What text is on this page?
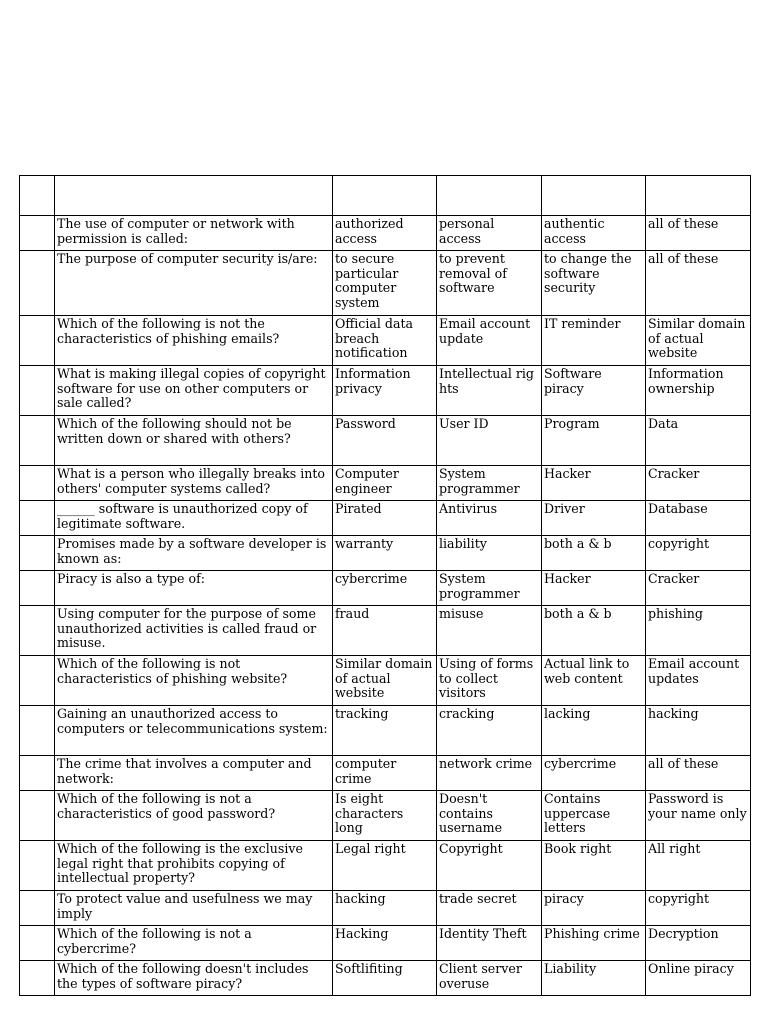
	The use of computer or network with permission is called:	authorized access	personal access	authentic access	all of these
	The purpose of computer security is/are:	to secure particular computer system	to prevent removal of software	to change the software security	all of these
	Which of the following is not the characteristics of phishing emails?	Official data breach notification	Email account update	IT reminder	Similar domain of actual website
	What is making illegal copies of copyright software for use on other computers or sale called?	Information privacy	Intellectual rig hts	Software piracy	Information ownership
	Which of the following should not be written down or shared with others?	Password	User ID	Program	Data
	What is a person who illegally breaks into others' computer systems called?	Computer engineer	System programmer	Hacker	Cracker
	______ software is unauthorized copy of legitimate software.	Pirated	Antivirus	Driver	Database
	Promises made by a software developer is known as:	warranty	liability	both a & b	copyright
	Piracy is also a type of:	cybercrime	System programmer	Hacker	Cracker
	Using computer for the purpose of some unauthorized activities is called fraud or misuse.	fraud	misuse	both a & b	phishing
	Which of the following is not characteristics of phishing website?	Similar domain of actual website	Using of forms to collect visitors	Actual link to web content	Email account updates
	Gaining an unauthorized access to computers or telecommunications system:	tracking	cracking	lacking	hacking
	The crime that involves a computer and network:	computer crime	network crime	cybercrime	all of these
	Which of the following is not a characteristics of good password?	Is eight characters long	Doesn't contains username	Contains uppercase letters	Password is your name only
	Which of the following is the exclusive legal right that prohibits copying of intellectual property?	Legal right	Copyright	Book right	All right
	To protect value and usefulness we may imply	hacking	trade secret	piracy	copyright
	Which of the following is not a cybercrime?	Hacking	Identity Theft	Phishing crime	Decryption
	Which of the following doesn't includes the types of software piracy?	Softlifiting	Client server overuse	Liability	Online piracy
